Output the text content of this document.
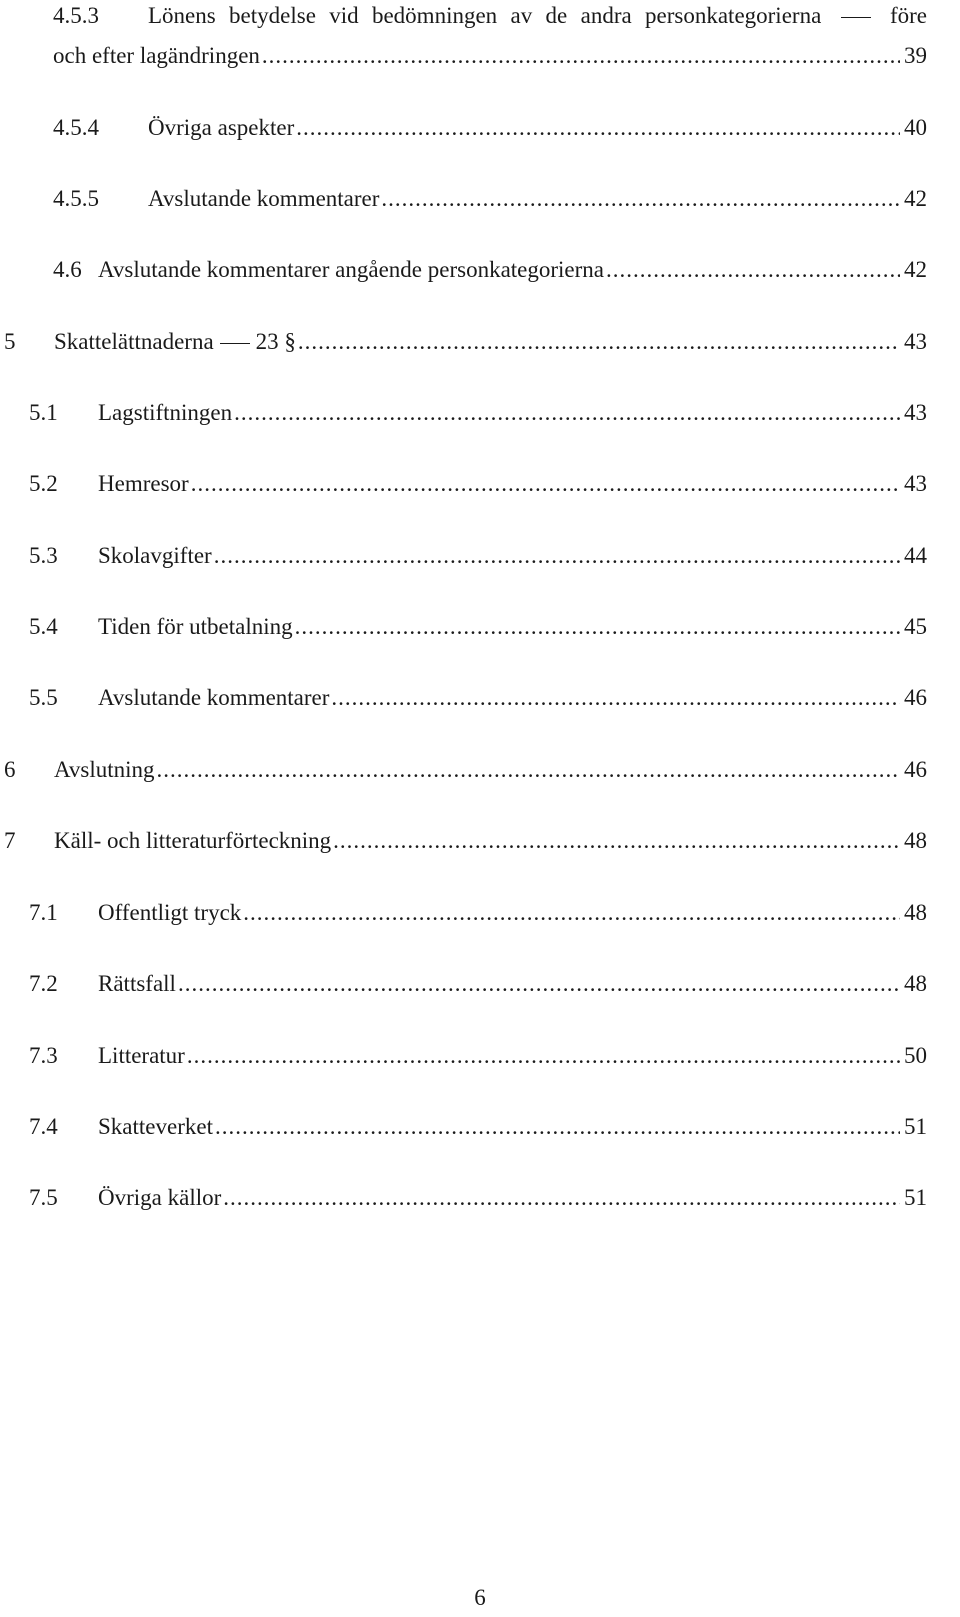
4.5.3 Lönens betydelse vid bedömningen av de andra personkategorierna	före
och efter lagändringen .....	39
4.5.4 Övriga aspekter .....	40
4.5.5 Avslutande kommentarer .....	42
4.6 Avslutande kommentarer angående personkategorierna .....	42
5 Skattelättnaderna 23 § .....	43
5.1 Lagstiftningen .....	43
5.2 Hemresor .....	43
5.3 Skolavgifter .....	44
5.4 Tiden för utbetalning .....	45
5.5 Avslutande kommentarer .....	46
6 Avslutning .....	46
7 Käll- och litteraturförteckning .....	48
7.1 Offentligt tryck .....	48
7.2 Rättsfall .....	48
7.3 Litteratur .....	50
7.4 Skatteverket .....	51
7.5 Övriga källor .....	51
6
